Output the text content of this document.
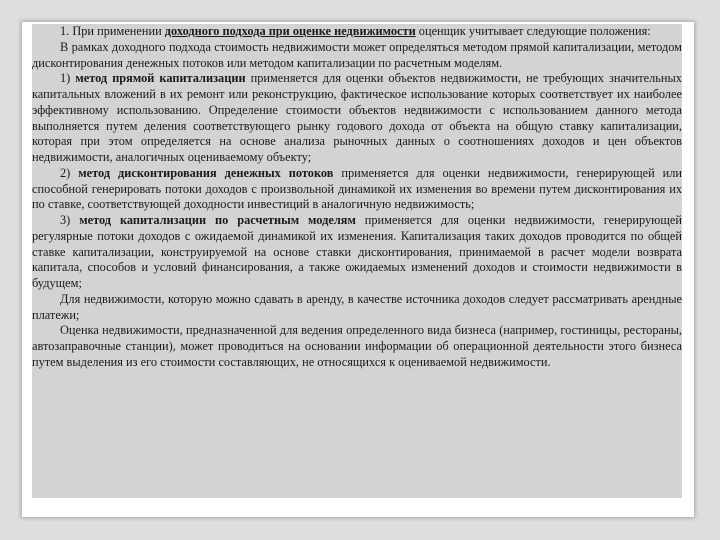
1. При применении доходного подхода при оценке недвижимости оценщик учитывает следующие положения:

В рамках доходного подхода стоимость недвижимости может определяться методом прямой капитализации, методом дисконтирования денежных потоков или методом капитализации по расчетным моделям.

1) метод прямой капитализации применяется для оценки объектов недвижимости, не требующих значительных капитальных вложений в их ремонт или реконструкцию, фактическое использование которых соответствует их наиболее эффективному использованию. Определение стоимости объектов недвижимости с использованием данного метода выполняется путем деления соответствующего рынку годового дохода от объекта на общую ставку капитализации, которая при этом определяется на основе анализа рыночных данных о соотношениях доходов и цен объектов недвижимости, аналогичных оцениваемому объекту;

2) метод дисконтирования денежных потоков применяется для оценки недвижимости, генерирующей или способной генерировать потоки доходов с произвольной динамикой их изменения во времени путем дисконтирования их по ставке, соответствующей доходности инвестиций в аналогичную недвижимость;

3) метод капитализации по расчетным моделям применяется для оценки недвижимости, генерирующей регулярные потоки доходов с ожидаемой динамикой их изменения. Капитализация таких доходов проводится по общей ставке капитализации, конструируемой на основе ставки дисконтирования, принимаемой в расчет модели возврата капитала, способов и условий финансирования, а также ожидаемых изменений доходов и стоимости недвижимости в будущем;

Для недвижимости, которую можно сдавать в аренду, в качестве источника доходов следует рассматривать арендные платежи;

Оценка недвижимости, предназначенной для ведения определенного вида бизнеса (например, гостиницы, рестораны, автозаправочные станции), может проводиться на основании информации об операционной деятельности этого бизнеса путем выделения из его стоимости составляющих, не относящихся к оцениваемой недвижимости.
